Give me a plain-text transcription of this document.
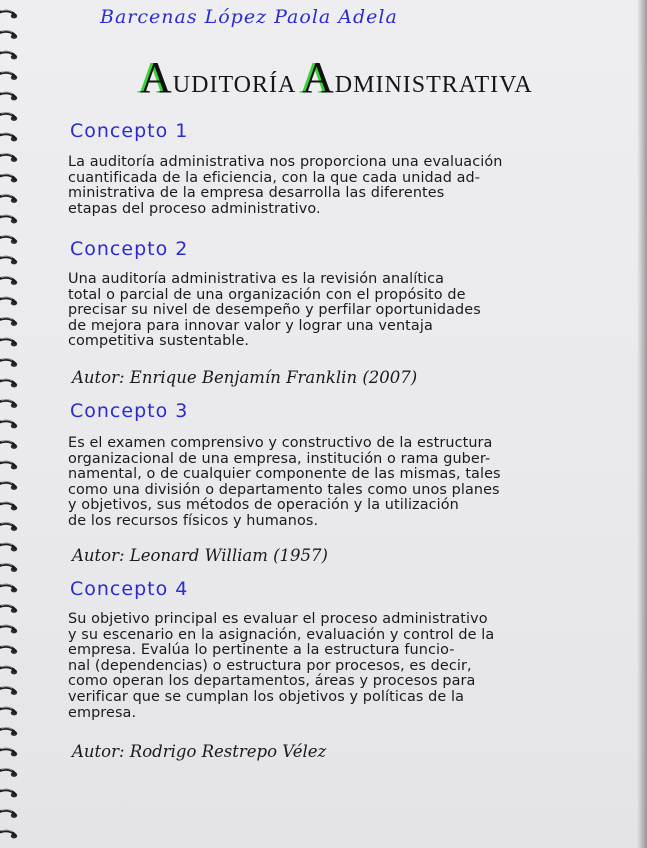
Barcenas López Paola Adela
AUDITORÍA ADMINISTRATIVA
Concepto 1

La auditoría administrativa nos proporciona una evaluación
cuantificada de la eficiencia, con la que cada unidad ad-
ministrativa de la empresa desarrolla las diferentes
etapas del proceso administrativo.

Concepto 2

Una auditoría administrativa es la revisión analítica
total o parcial de una organización con el propósito de
precisar su nivel de desempeño y perfilar oportunidades
de mejora para innovar valor y lograr una ventaja
competitiva sustentable.

Autor: Enrique Benjamín Franklin (2007)
Concepto 3

Es el examen comprensivo y constructivo de la estructura
organizacional de una empresa, institución o rama guber-
namental, o de cualquier componente de las mismas, tales
como una división o departamento tales como unos planes
y objetivos, sus métodos de operación y la utilización
de los recursos físicos y humanos.

Autor: Leonard William (1957)
Concepto 4

Su objetivo principal es evaluar el proceso administrativo
y su escenario en la asignación, evaluación y control de la
empresa. Evalúa lo pertinente a la estructura funcio-
nal (dependencias) o estructura por procesos, es decir,
como operan los departamentos, áreas y procesos para
verificar que se cumplan los objetivos y políticas de la
empresa.

Autor: Rodrigo Restrepo Vélez
